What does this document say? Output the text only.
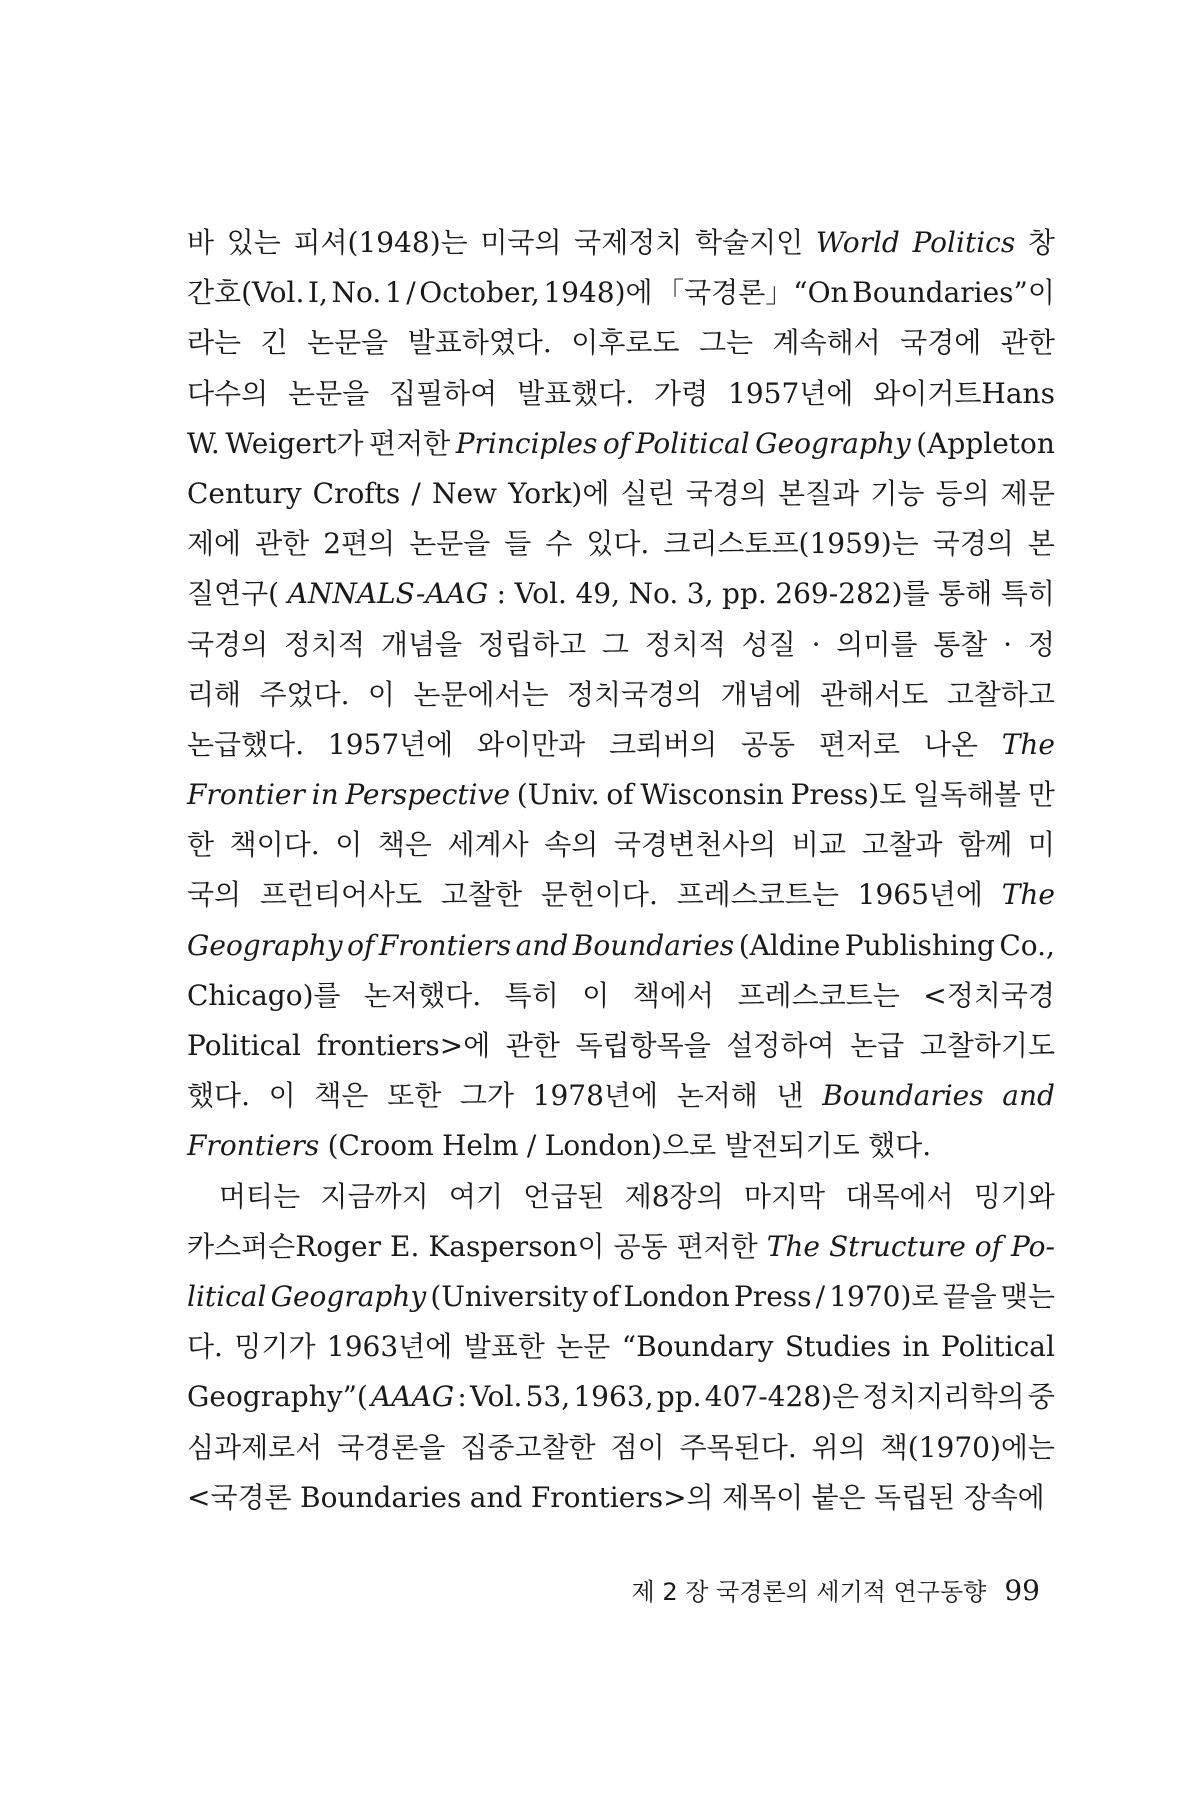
바 있는 피셔(1948)는 미국의 국제정치 학술지인 World Politics 창
간호(Vol. Ⅰ, No. 1 / October, 1948)에 「국경론」“On Boundaries”이
라는 긴 논문을 발표하였다. 이후로도 그는 계속해서 국경에 관한
다수의 논문을 집필하여 발표했다. 가령 1957년에 와이거트Hans
W. Weigert가 편저한 Principles of Political Geography (Appleton
Century Crofts / New York)에 실린 국경의 본질과 기능 등의 제문
제에 관한 2편의 논문을 들 수 있다. 크리스토프(1959)는 국경의 본
질연구( ANNALS-AAG : Vol. 49, No. 3, pp. 269-282)를 통해 특히
국경의 정치적 개념을 정립하고 그 정치적 성질 · 의미를 통찰 · 정
리해 주었다. 이 논문에서는 정치국경의 개념에 관해서도 고찰하고
논급했다. 1957년에 와이만과 크뢰버의 공동 편저로 나온 The
Frontier in Perspective (Univ. of Wisconsin Press)도 일독해볼 만
한 책이다. 이 책은 세계사 속의 국경변천사의 비교 고찰과 함께 미
국의 프런티어사도 고찰한 문헌이다. 프레스코트는 1965년에 The
Geography of Frontiers and Boundaries (Aldine Publishing Co.,
Chicago)를 논저했다. 특히 이 책에서 프레스코트는 <정치국경
Political frontiers>에 관한 독립항목을 설정하여 논급 고찰하기도
했다. 이 책은 또한 그가 1978년에 논저해 낸 Boundaries and
Frontiers (Croom Helm / London)으로 발전되기도 했다.
머티는 지금까지 여기 언급된 제8장의 마지막 대목에서 밍기와
카스퍼슨Roger E. Kasperson이 공동 편저한 The Structure of Po-
litical Geography (University of London Press / 1970)로 끝을 맺는
다. 밍기가 1963년에 발표한 논문 “Boundary Studies in Political
Geography”( AAAG : Vol. 53, 1963, pp. 407-428)은 정치지리학의 중
심과제로서 국경론을 집중고찰한 점이 주목된다. 위의 책(1970)에는
<국경론 Boundaries and Frontiers>의 제목이 붙은 독립된 장속에
제 2 장 국경론의 세기적 연구동향 99
